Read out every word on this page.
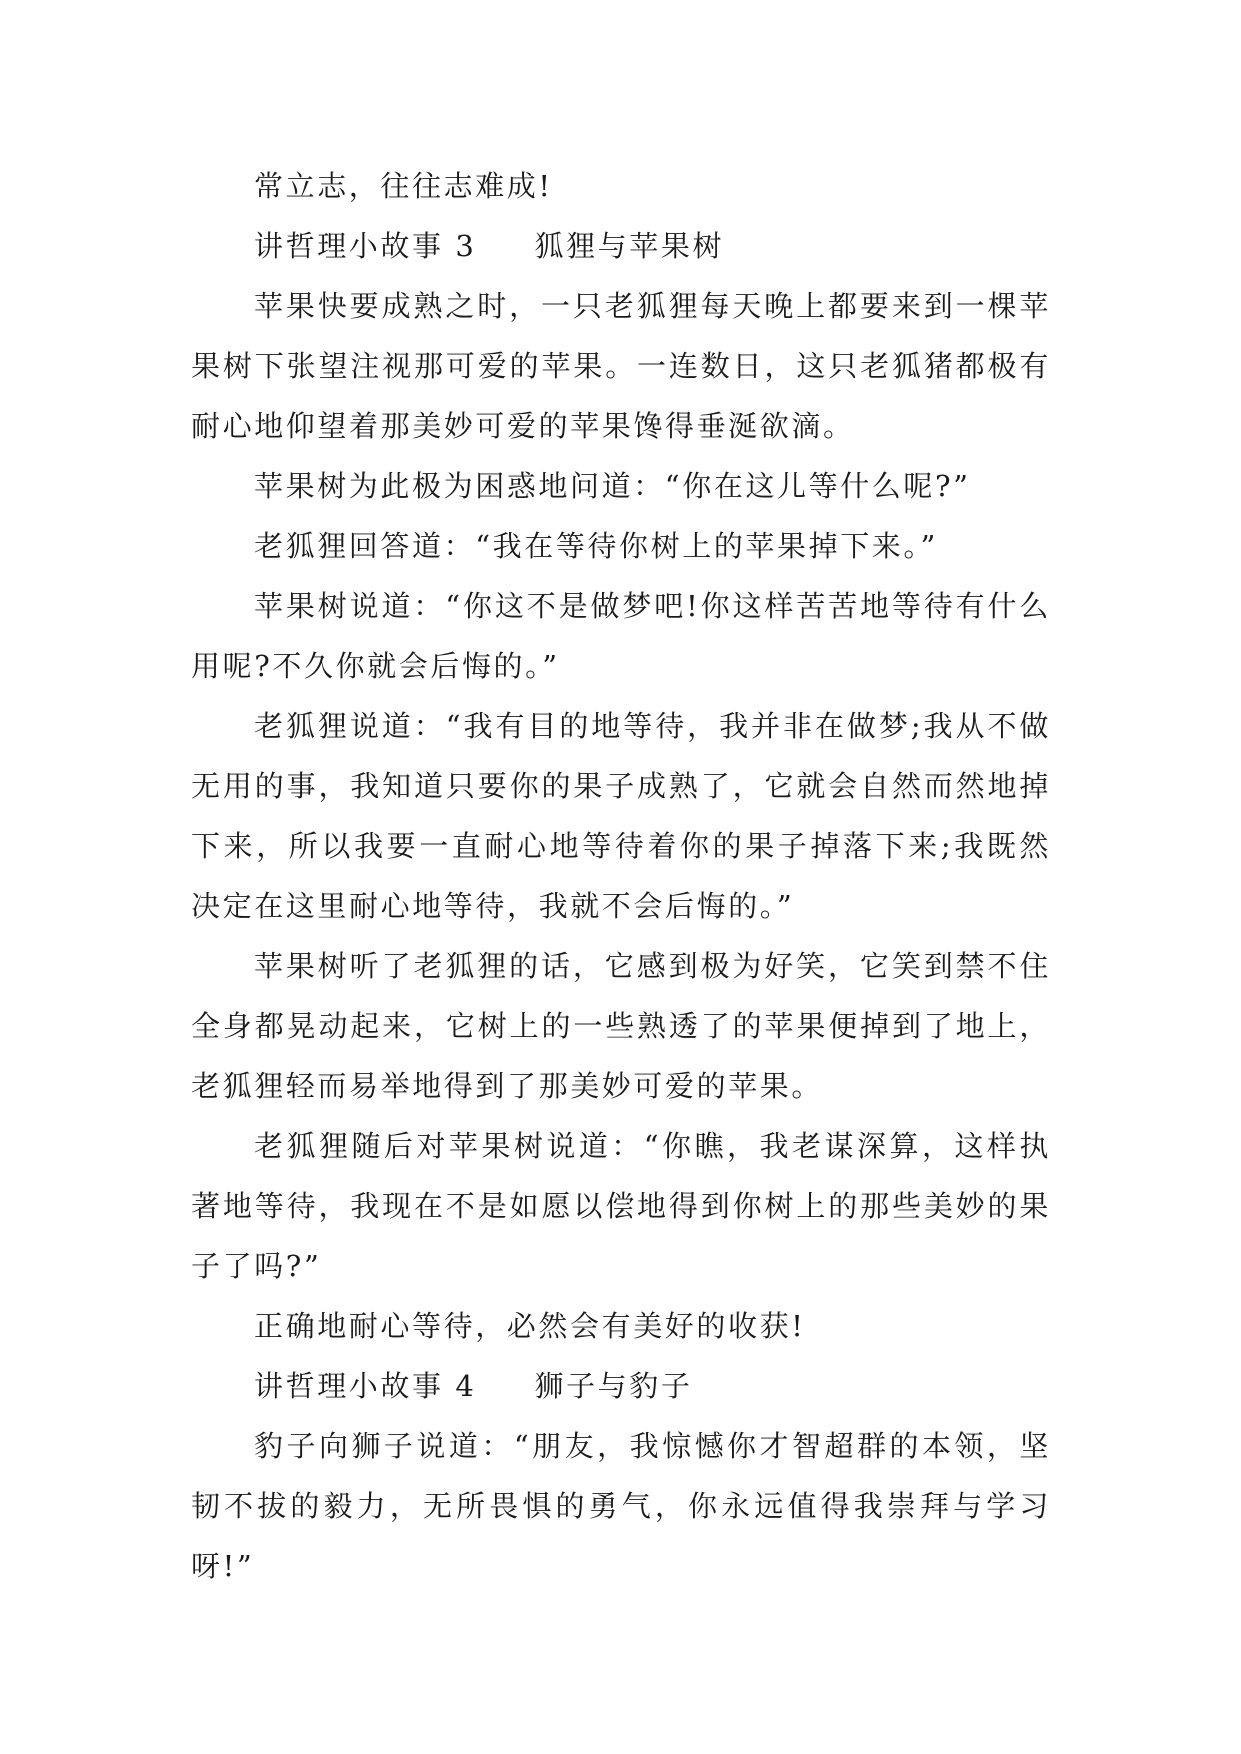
常立志，往往志难成!

讲哲理小故事 3 狐狸与苹果树

苹果快要成熟之时，一只老狐狸每天晚上都要来到一棵苹果树下张望注视那可爱的苹果。一连数日，这只老狐猪都极有耐心地仰望着那美妙可爱的苹果馋得垂涎欲滴。

苹果树为此极为困惑地问道：“你在这儿等什么呢?”

老狐狸回答道：“我在等待你树上的苹果掉下来。”

苹果树说道：“你这不是做梦吧!你这样苦苦地等待有什么用呢?不久你就会后悔的。”

老狐狸说道：“我有目的地等待，我并非在做梦;我从不做无用的事，我知道只要你的果子成熟了，它就会自然而然地掉下来，所以我要一直耐心地等待着你的果子掉落下来;我既然决定在这里耐心地等待，我就不会后悔的。”

苹果树听了老狐狸的话，它感到极为好笑，它笑到禁不住全身都晃动起来，它树上的一些熟透了的苹果便掉到了地上，老狐狸轻而易举地得到了那美妙可爱的苹果。

老狐狸随后对苹果树说道：“你瞧，我老谋深算，这样执著地等待，我现在不是如愿以偿地得到你树上的那些美妙的果子了吗?”

正确地耐心等待，必然会有美好的收获!

讲哲理小故事 4 狮子与豹子

豹子向狮子说道：“朋友，我惊憾你才智超群的本领，坚韧不拔的毅力，无所畏惧的勇气，你永远值得我崇拜与学习呀!”
